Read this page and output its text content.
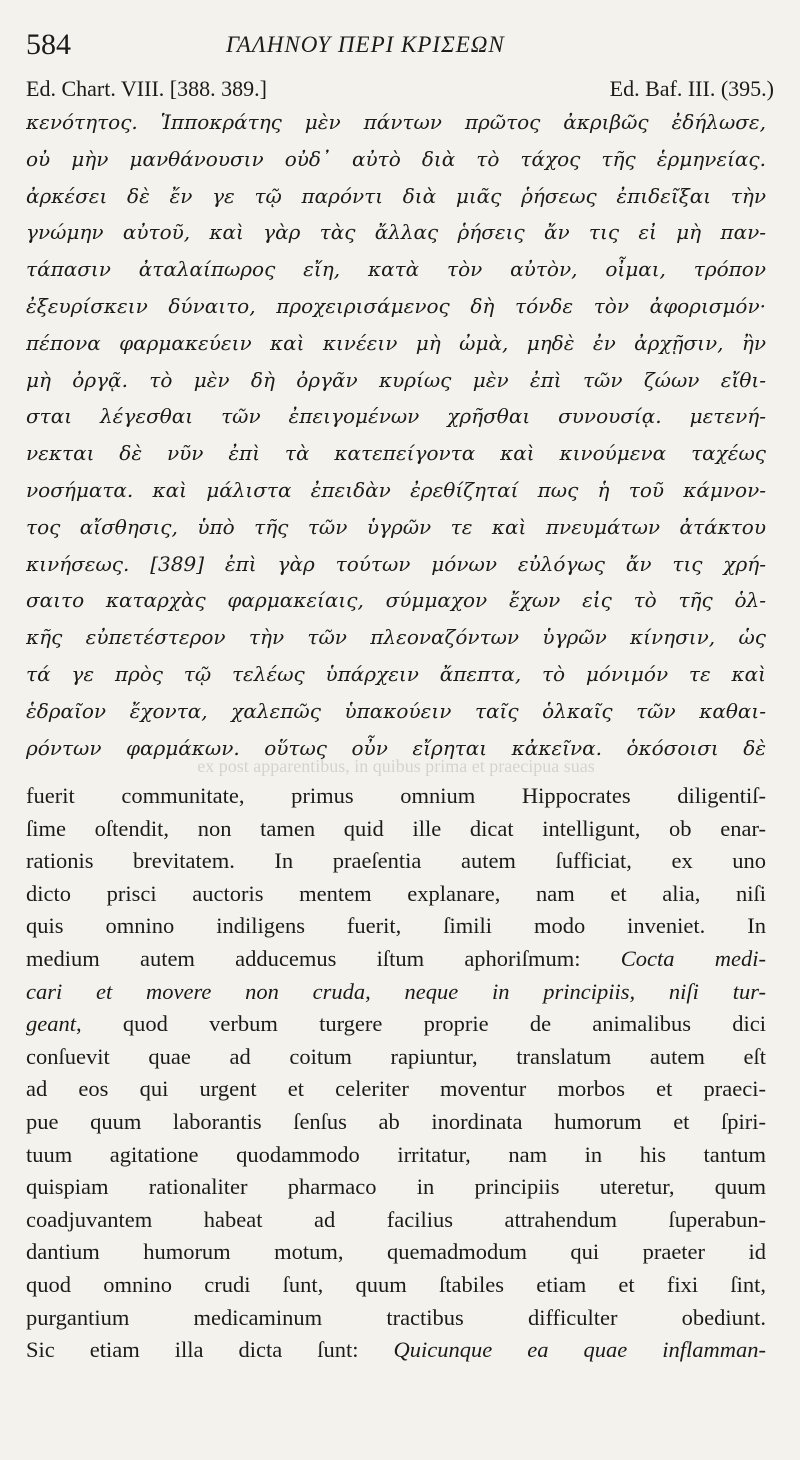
584	ΓΑΛΗΝΟΥ ΠΕΡΙ ΚΡΙΣΕΩΝ
Ed. Chart. VIII. [388. 389.]	Ed. Baf. III. (395.)
κενότητος. Ἱπποκράτης μὲν πάντων πρῶτος ἀκριβῶς ἐδήλωσε,
οὐ μὴν μανθάνουσιν οὐδ᾽ αὐτὸ διὰ τὸ τάχος τῆς ἑρμηνείας.
ἀρκέσει δὲ ἔν γε τῷ παρόντι διὰ μιᾶς ῥήσεως ἐπιδεῖξαι τὴν
γνώμην αὐτοῦ, καὶ γὰρ τὰς ἄλλας ῥήσεις ἄν τις εἰ μὴ παν-
τάπασιν ἀταλαίπωρος εἴη, κατὰ τὸν αὐτὸν, οἶμαι, τρόπον
ἐξευρίσκειν δύναιτο, προχειρισάμενος δὴ τόνδε τὸν ἀφορισμόν·
πέπονα φαρμακεύειν καὶ κινέειν μὴ ὠμὰ, μηδὲ ἐν ἀρχῇσιν, ἢν
μὴ ὀργᾷ. τὸ μὲν δὴ ὀργᾶν κυρίως μὲν ἐπὶ τῶν ζώων εἴθι-
σται λέγεσθαι τῶν ἐπειγομένων χρῆσθαι συνουσίᾳ. μετενή-
νεκται δὲ νῦν ἐπὶ τὰ κατεπείγοντα καὶ κινούμενα ταχέως
νοσήματα. καὶ μάλιστα ἐπειδὰν ἐρεθίζηταί πως ἡ τοῦ κάμνον-
τος αἴσθησις, ὑπὸ τῆς τῶν ὑγρῶν τε καὶ πνευμάτων ἀτάκτου
κινήσεως. [389] ἐπὶ γὰρ τούτων μόνων εὐλόγως ἄν τις χρή-
σαιτο καταρχὰς φαρμακείαις, σύμμαχον ἔχων εἰς τὸ τῆς ὁλ-
κῆς εὐπετέστερον τὴν τῶν πλεοναζόντων ὑγρῶν κίνησιν, ὡς
τά γε πρὸς τῷ τελέως ὑπάρχειν ἄπεπτα, τὸ μόνιμόν τε καὶ
ἑδραῖον ἔχοντα, χαλεπῶς ὑπακούειν ταῖς ὁλκαῖς τῶν καθαι-
ρόντων φαρμάκων. οὕτως οὖν εἴρηται κἀκεῖνα. ὁκόσοισι δὲ
ex post apparentibus, in quibus prima et praecipua suas
fuerit communitate, primus omnium Hippocrates diligentiſ-
ſime oſtendit, non tamen quid ille dicat intelligunt, ob enar-
rationis brevitatem. In praeſentia autem ſufficiat, ex uno
dicto prisci auctoris mentem explanare, nam et alia, niſi
quis omnino indiligens fuerit, ſimili modo inveniet. In
medium autem adducemus iſtum aphoriſmum: Cocta medi-
cari et movere non cruda, neque in principiis, niſi tur-
geant, quod verbum turgere proprie de animalibus dici
conſuevit quae ad coitum rapiuntur, translatum autem eſt
ad eos qui urgent et celeriter moventur morbos et praeci-
pue quum laborantis ſenſus ab inordinata humorum et ſpiri-
tuum agitatione quodammodo irritatur, nam in his tantum
quispiam rationaliter pharmaco in principiis uteretur, quum
coadjuvantem habeat ad facilius attrahendum ſuperabun-
dantium humorum motum, quemadmodum qui praeter id
quod omnino crudi ſunt, quum ſtabiles etiam et fixi ſint,
purgantium medicaminum tractibus difficulter obediunt.
Sic etiam illa dicta ſunt: Quicunque ea quae inflamman-
